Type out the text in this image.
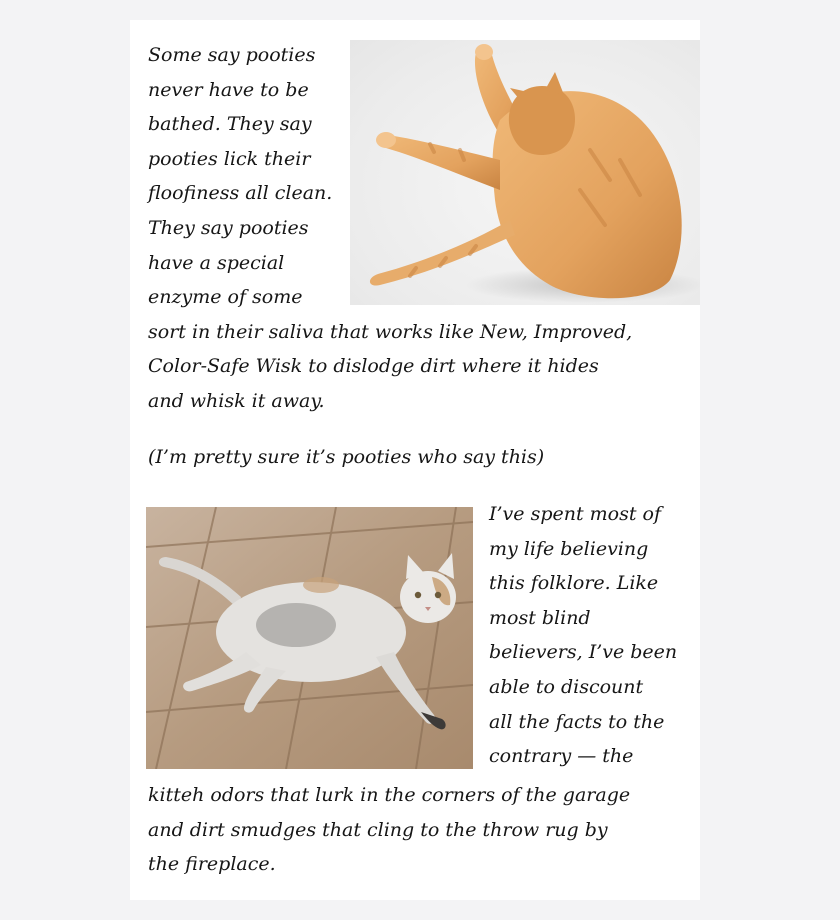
Some say pooties
never have to be
bathed. They say
pooties lick their
floofiness all clean.
They say pooties
have a special
enzyme of some
sort in their saliva that works like New, Improved,
Color-Safe Wisk to dislodge dirt where it hides
and whisk it away.
(I’m pretty sure it’s pooties who say this)
I’ve spent most of
my life believing
this folklore. Like
most blind
believers, I’ve been
able to discount
all the facts to the
contrary — the
kitteh odors that lurk in the corners of the garage
and dirt smudges that cling to the throw rug by
the fireplace.
